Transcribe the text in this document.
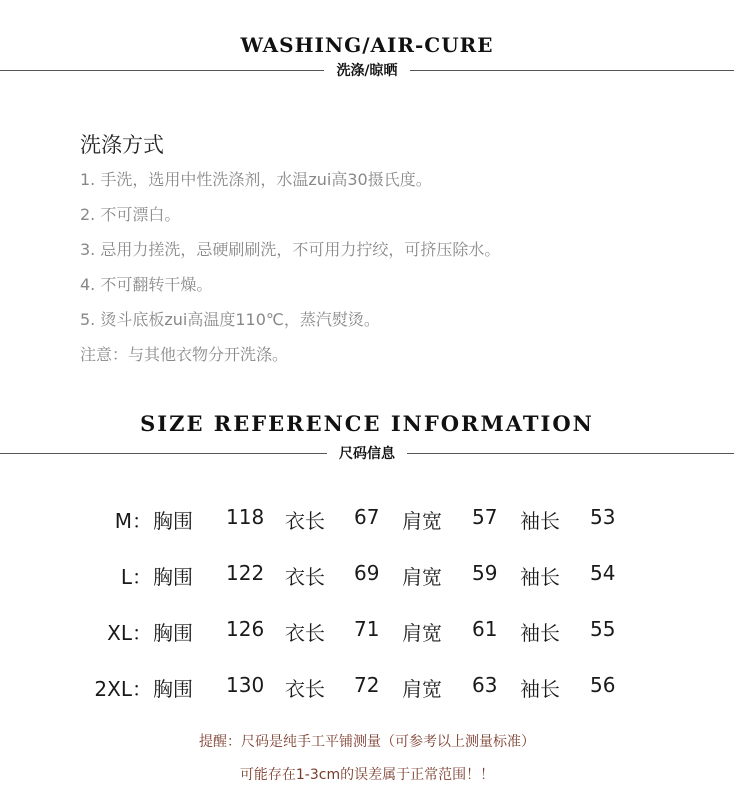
WASHING/AIR-CURE
洗涤/晾晒
洗涤方式
1. 手洗，选用中性洗涤剂，水温zui高30摄氏度。
2. 不可漂白。
3. 忌用力搓洗，忌硬刷刷洗，不可用力拧绞，可挤压除水。
4. 不可翻转干燥。
5. 烫斗底板zui高温度110℃，蒸汽熨烫。
注意：与其他衣物分开洗涤。
SIZE REFERENCE INFORMATION
尺码信息
M： 胸围 118 衣长 67 肩宽 57 袖长 53
L： 胸围 122 衣长 69 肩宽 59 袖长 54
XL： 胸围 126 衣长 71 肩宽 61 袖长 55
2XL： 胸围 130 衣长 72 肩宽 63 袖长 56
提醒：尺码是纯手工平铺测量（可参考以上测量标准）
可能存在1-3cm的误差属于正常范围！！
